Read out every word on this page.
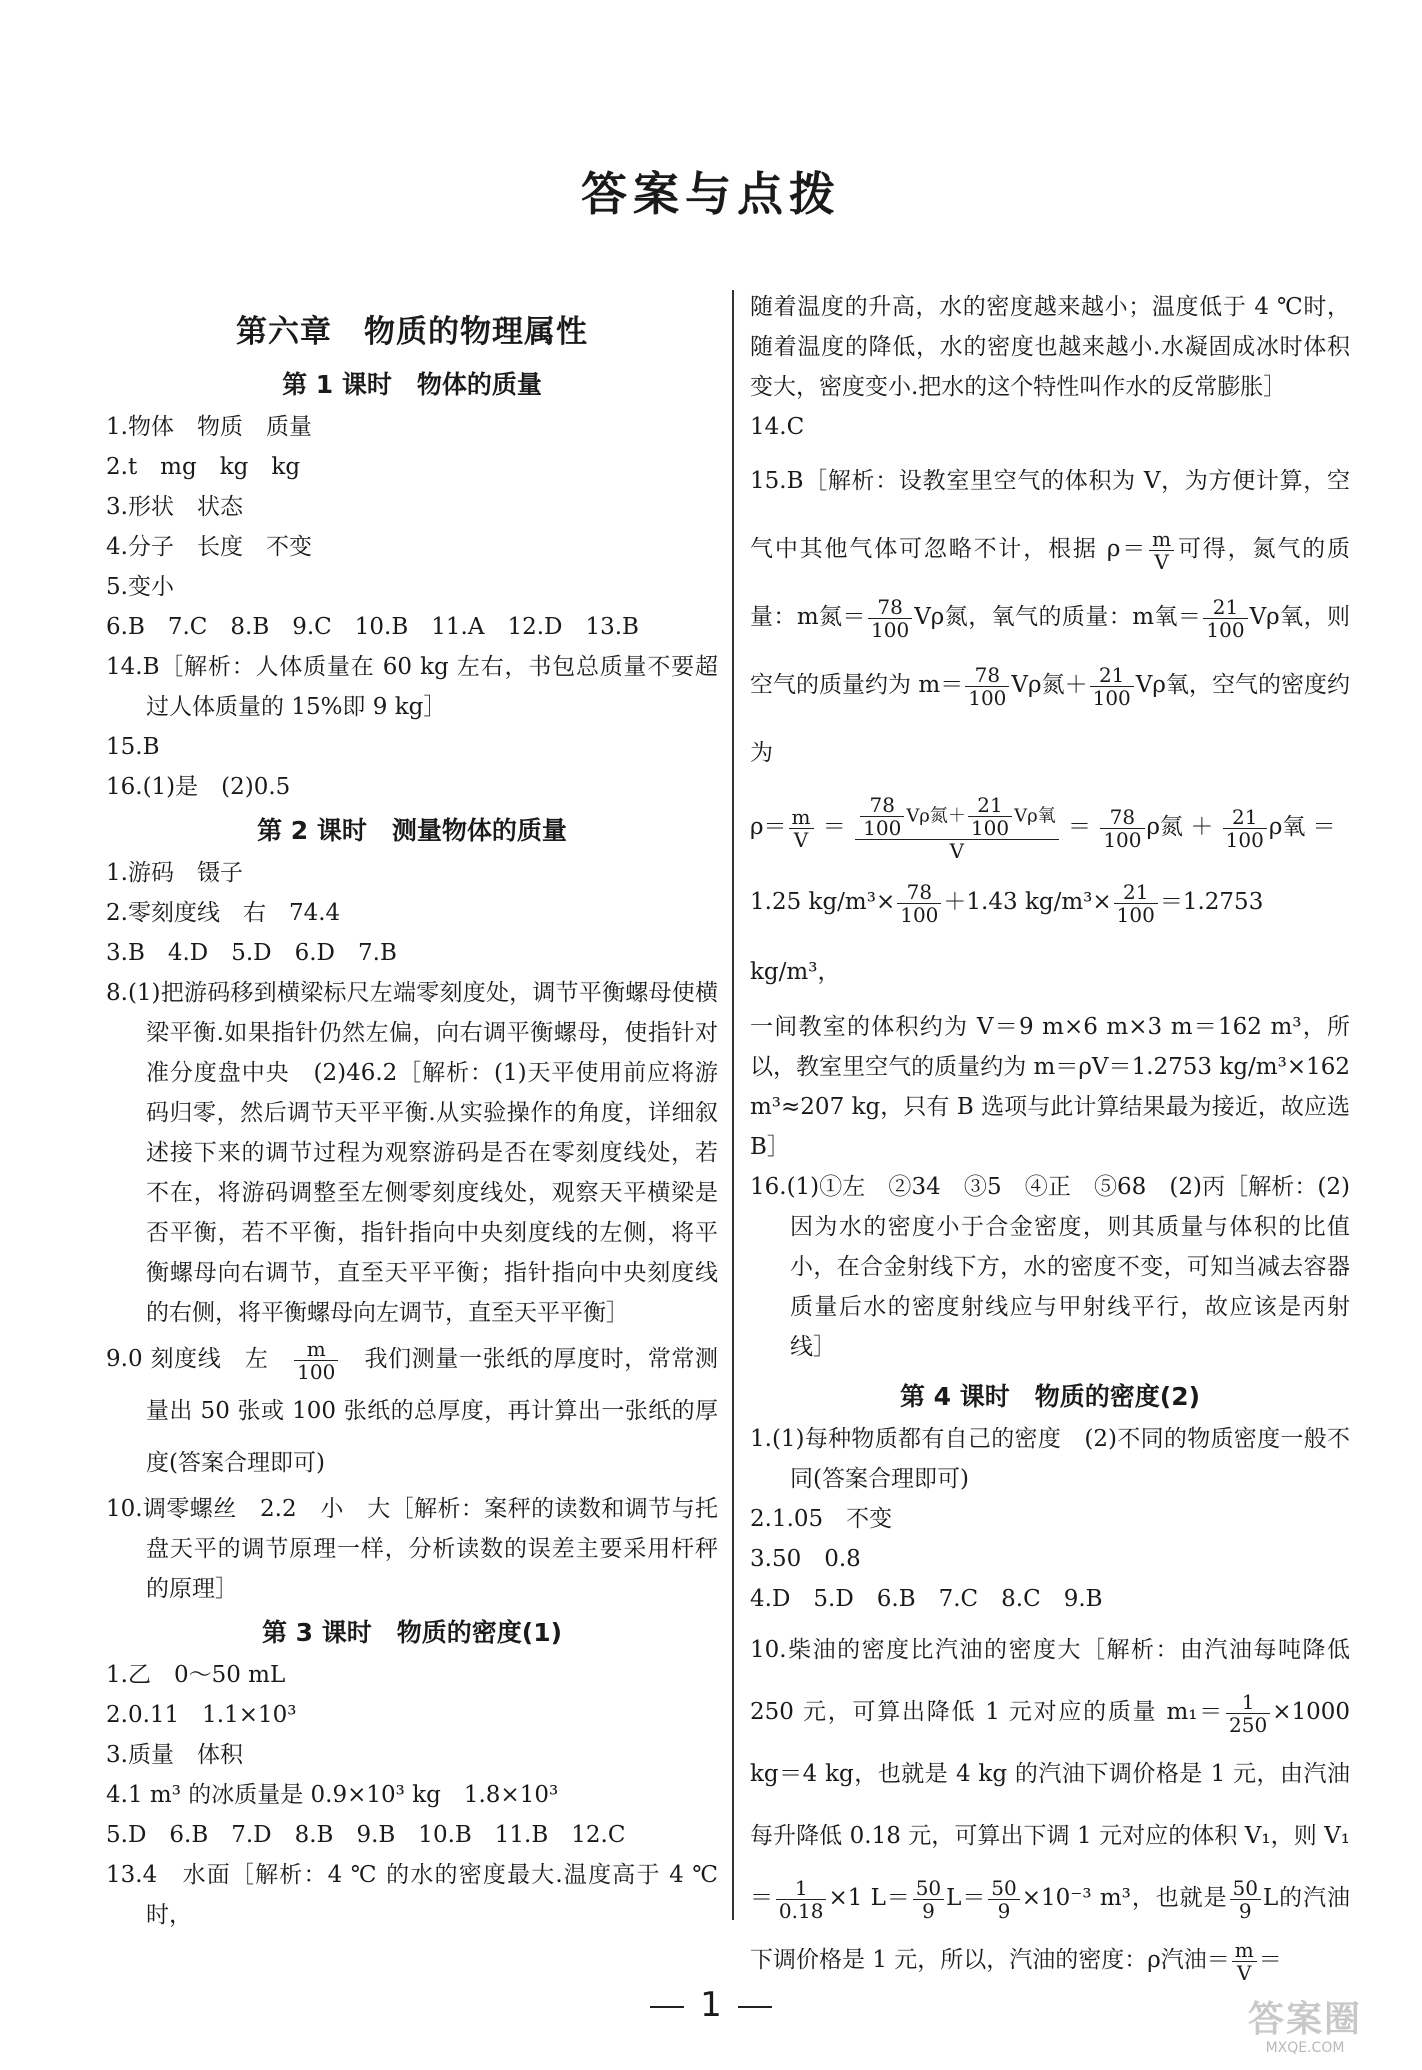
答案与点拨
第六章　物质的物理属性
第 1 课时　物体的质量

1.物体　物质　质量

2.t　mg　kg　kg

3.形状　状态

4.分子　长度　不变

5.变小

6.B　7.C　8.B　9.C　10.B　11.A　12.D　13.B

14.B［解析：人体质量在 60 kg 左右，书包总质量不要超过人体质量的 15%即 9 kg］

15.B

16.(1)是　(2)0.5

第 2 课时　测量物体的质量

1.游码　镊子

2.零刻度线　右　74.4

3.B　4.D　5.D　6.D　7.B

8.(1)把游码移到横梁标尺左端零刻度处，调节平衡螺母使横梁平衡.如果指针仍然左偏，向右调平衡螺母，使指针对准分度盘中央　(2)46.2［解析：(1)天平使用前应将游码归零，然后调节天平平衡.从实验操作的角度，详细叙述接下来的调节过程为观察游码是否在零刻度线处，若不在，将游码调整至左侧零刻度线处，观察天平横梁是否平衡，若不平衡，指针指向中央刻度线的左侧，将平衡螺母向右调节，直至天平平衡；指针指向中央刻度线的右侧，将平衡螺母向左调节，直至天平平衡］

9.0 刻度线　左　 $\frac{m}{100}$
　 我们测量一张纸的厚度时，常常测量出 50 张或 100 张纸的总厚度，再计算出一张纸的厚度(答案合理即可)

10.调零螺丝　2.2　小　大［解析：案秤的读数和调节与托盘天平的调节原理一样，分析读数的误差主要采用杆秤的原理］

第 3 课时　物质的密度(1)

1.乙　0～50 mL

2.0.11　1.1×10³

3.质量　体积

4.1 m³ 的冰质量是 0.9×10³ kg　1.8×10³

5.D　6.B　7.D　8.B　9.B　10.B　11.B　12.C

13.4　水面［解析：4 ℃ 的水的密度最大.温度高于 4 ℃时，

随着温度的升高，水的密度越来越小；温度低于 4 ℃时，随着温度的降低，水的密度也越来越小.水凝固成冰时体积变大，密度变小.把水的这个特性叫作水的反常膨胀］

14.C

15.B［解析：设教室里空气的体积为 V，为方便计算，空气中其他气体可忽略不计，根据 $\rho= \frac{m}{V}$ 可得，氮气的质量：m氮＝ $\frac{78}{100}$ Vρ氮，氧气的质量：m氧＝ $\frac{21}{100}$ Vρ氧，则空气的质量约为 $m= \frac{78}{100}$ Vρ氮＋ $\frac{21}{100}$ Vρ氧，空气的密度约为

$\rho= \frac{m}{V} = \frac{\frac{78}{100} V\rho 氮+ \frac{21}{100} V\rho 氧}{V} = \frac{78}{100}$ ρ氮 ＋ $\frac{21}{100}$ ρ氧 ＝

1.25 $kg/m^3\times \frac{78}{100} +1.43$ $kg/m^3\times \frac{21}{100} =1.2753$ kg/m³，

一间教室的体积约为 V＝9 m×6 m×3 m＝162 m³，所以，教室里空气的质量约为 m＝ρV＝1.2753 kg/m³×162 m³≈207 kg，只有 B 选项与此计算结果最为接近，故应选 B］

16.(1)①左　②34　③5　④正　⑤68　(2)丙［解析：(2)因为水的密度小于合金密度，则其质量与体积的比值小，在合金射线下方，水的密度不变，可知当减去容器质量后水的密度射线应与甲射线平行，故应该是丙射线］

第 4 课时　物质的密度(2)

1.(1)每种物质都有自己的密度　(2)不同的物质密度一般不同(答案合理即可)

2.1.05　不变

3.50　0.8

4.D　5.D　6.B　7.C　8.C　9.B

10.柴油的密度比汽油的密度大［解析：由汽油每吨降低 250 元，可算出降低 1 元对应的质量 $m_1= \frac{1}{250} \times 1000$ kg＝4 kg，也就是 4 kg 的汽油下调价格是 1 元，由汽油每升降低 0.18 元，可算出下调 1 元对应的体积 V₁，则 $V_1= \frac{1}{0.18} \times 1$ $L= \frac{50}{9} L= \frac{50}{9} \times 10^{-3}$ m³，也就是 $\frac{50}{9}$ L的汽油下调价格是 1 元，所以，汽油的密度：ρ汽油＝ $\frac{m}{V}$ ＝

1	答案圈
MXQE.COM
